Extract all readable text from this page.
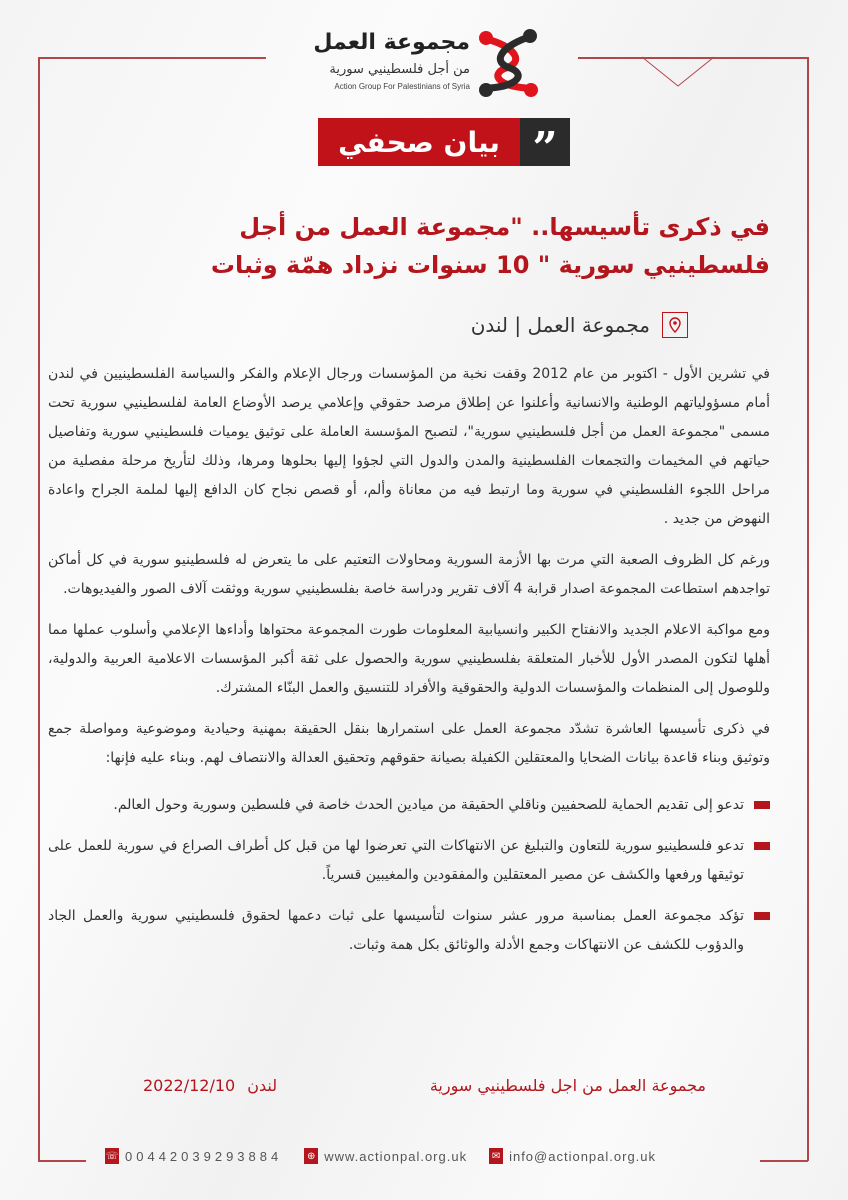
مجموعة العمل
من أجل فلسطينيي سورية
Action Group For Palestinians of Syria
بيان صحفي ”
في ذكرى تأسيسها.. "مجموعة العمل من أجل
فلسطينيي سورية " 10 سنوات نزداد همّة وثبات
مجموعة العمل | لندن

في تشرين الأول - اكتوبر من عام 2012 وقفت نخبة من المؤسسات ورجال الإعلام والفكر والسياسة الفلسطينيين في لندن أمام مسؤولياتهم الوطنية والانسانية وأعلنوا عن إطلاق مرصد حقوقي وإعلامي يرصد الأوضاع العامة لفلسطينيي سورية تحت مسمى "مجموعة العمل من أجل فلسطينيي سورية"، لتصبح المؤسسة العاملة على توثيق يوميات فلسطينيي سورية وتفاصيل حياتهم في المخيمات والتجمعات الفلسطينية والمدن والدول التي لجؤوا إليها بحلوها ومرها، وذلك لتأريخ مرحلة مفصلية من مراحل اللجوء الفلسطيني في سورية وما ارتبط فيه من معاناة وألم، أو قصص نجاح كان الدافع إليها لملمة الجراح واعادة النهوض من جديد .

ورغم كل الظروف الصعبة التي مرت بها الأزمة السورية ومحاولات التعتيم على ما يتعرض له فلسطينيو سورية في كل أماكن تواجدهم استطاعت المجموعة اصدار قرابة 4 آلاف تقرير ودراسة خاصة بفلسطينيي سورية ووثقت آلاف الصور والفيديوهات.

ومع مواكبة الاعلام الجديد والانفتاح الكبير وانسيابية المعلومات طورت المجموعة محتواها وأداءها الإعلامي وأسلوب عملها مما أهلها لتكون المصدر الأول للأخبار المتعلقة بفلسطينيي سورية والحصول على ثقة أكبر المؤسسات الاعلامية العربية والدولية، وللوصول إلى المنظمات والمؤسسات الدولية والحقوقية والأفراد للتنسيق والعمل البنّاء المشترك.

في ذكرى تأسيسها العاشرة تشدّد مجموعة العمل على استمرارها بنقل الحقيقة بمهنية وحيادية وموضوعية ومواصلة جمع وتوثيق وبناء قاعدة بيانات الضحايا والمعتقلين الكفيلة بصيانة حقوقهم وتحقيق العدالة والانتصاف لهم. وبناء عليه فإنها:

تدعو إلى تقديم الحماية للصحفيين وناقلي الحقيقة من ميادين الحدث خاصة في فلسطين وسورية وحول العالم.

تدعو فلسطينيو سورية للتعاون والتبليغ عن الانتهاكات التي تعرضوا لها من قبل كل أطراف الصراع في سورية للعمل على توثيقها ورفعها والكشف عن مصير المعتقلين والمفقودين والمغيبين قسرياً.

تؤكد مجموعة العمل بمناسبة مرور عشر سنوات لتأسيسها على ثبات دعمها لحقوق فلسطينيي سورية والعمل الجاد والدؤوب للكشف عن الانتهاكات وجمع الأدلة والوثائق بكل همة وثبات.

مجموعة العمل من اجل فلسطينيي سورية
لندن
2022/12/10
☏ 00442039293884 ⊕ www.actionpal.org.uk ✉ info@actionpal.org.uk
